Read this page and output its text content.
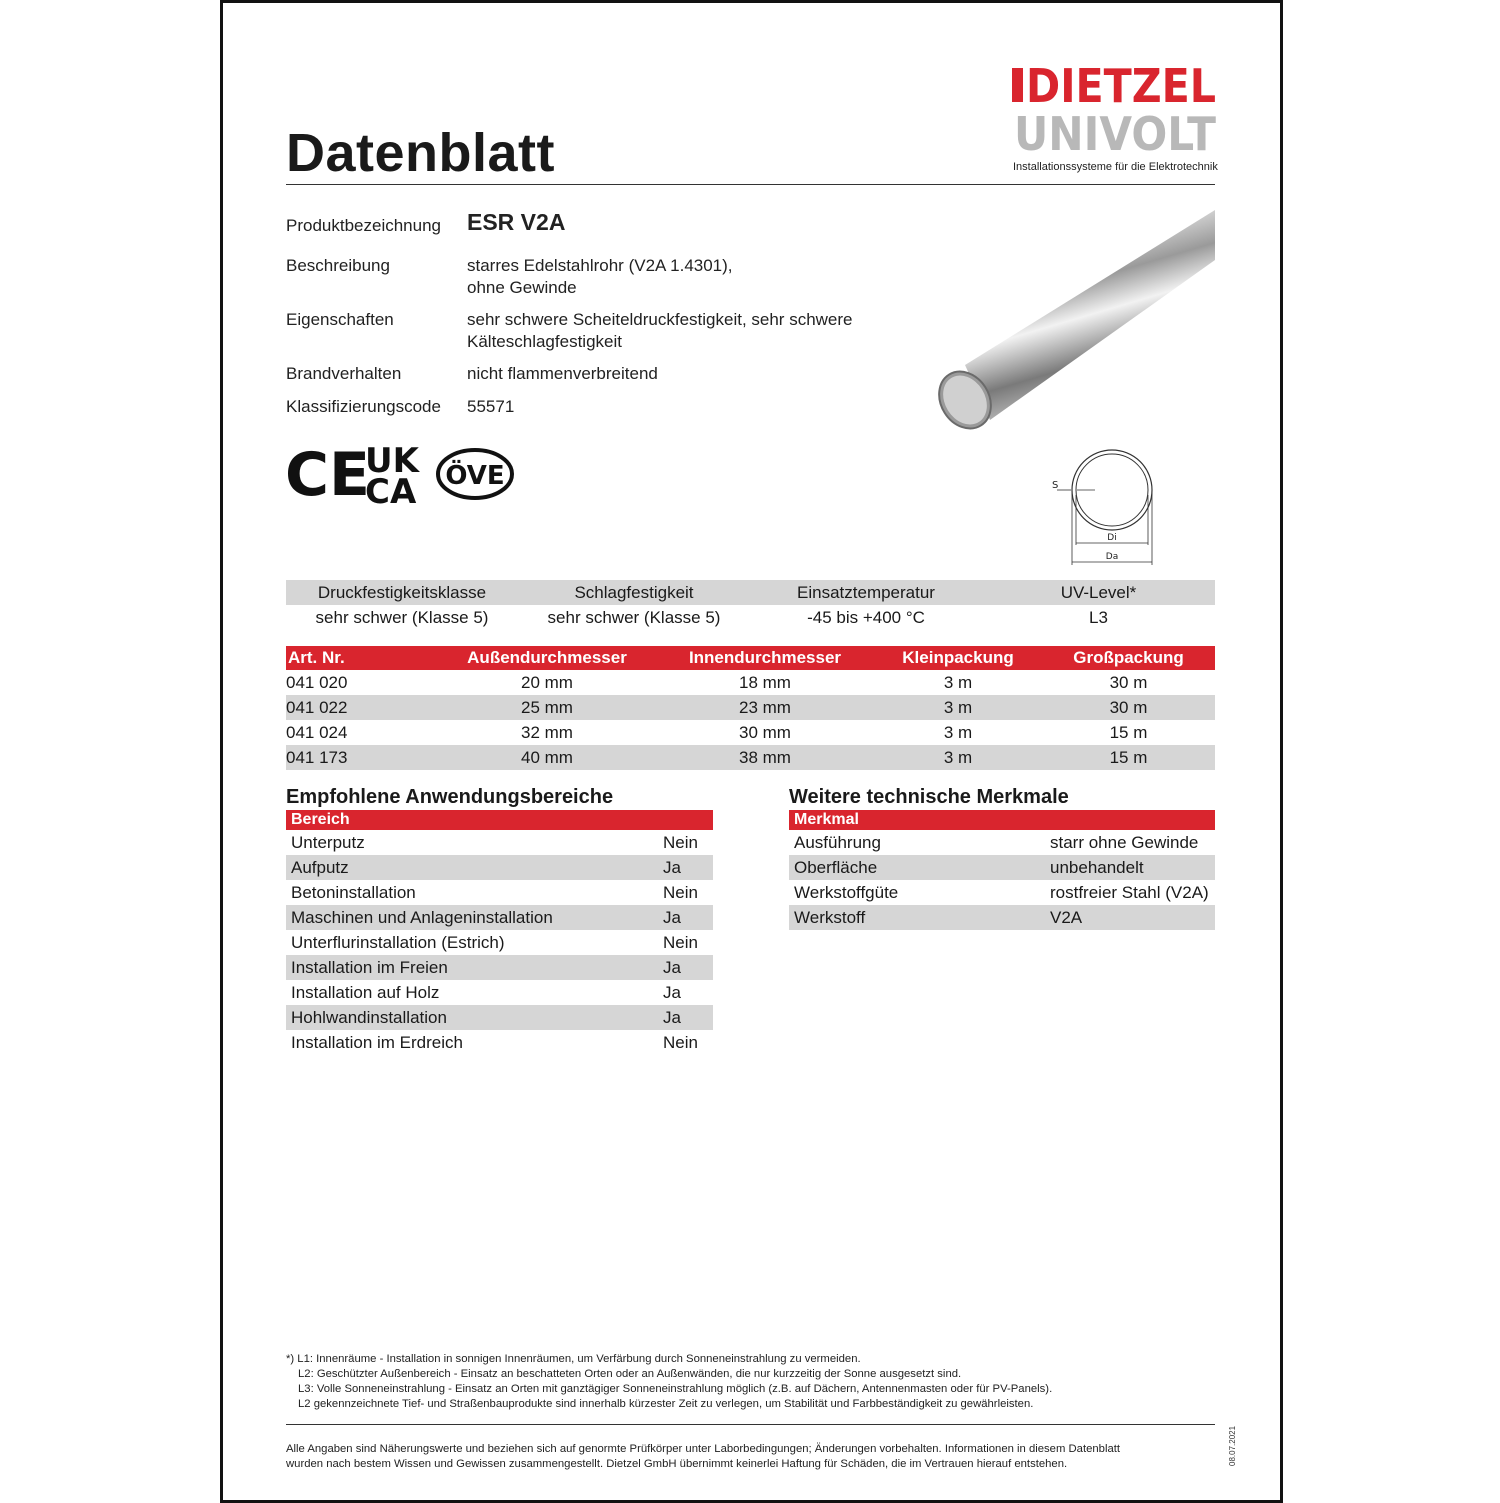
Datenblatt
DIETZEL
UNIVOLT
Installationssysteme für die Elektrotechnik
Produktbezeichnung ESR V2A
Beschreibung	starres Edelstahlrohr (V2A 1.4301),
ohne Gewinde
Eigenschaften	sehr schwere Scheiteldruckfestigkeit, sehr schwere
Kälteschlagfestigkeit
Brandverhalten	nicht flammenverbreitend
Klassifizierungscode 55571
CE
UK
CA ÖVE	S
Di
Da
Druckfestigkeitsklasse	Schlagfestigkeit	Einsatztemperatur	UV-Level*
sehr schwer (Klasse 5)	sehr schwer (Klasse 5)	-45 bis +400 °C	L3
Art. Nr.	Außendurchmesser	Innendurchmesser	Kleinpackung	Großpackung
041 020	20 mm	18 mm	3 m	30 m
041 022	25 mm	23 mm	3 m	30 m
041 024	32 mm	30 mm	3 m	15 m
041 173	40 mm	38 mm	3 m	15 m
Empfohlene Anwendungsbereiche
Bereich	
Unterputz	Nein
Aufputz	Ja
Betoninstallation	Nein
Maschinen und Anlageninstallation	Ja
Unterflurinstallation (Estrich)	Nein
Installation im Freien	Ja
Installation auf Holz	Ja
Hohlwandinstallation	Ja
Installation im Erdreich	Nein
Weitere technische Merkmale
Merkmal	
Ausführung	starr ohne Gewinde
Oberfläche	unbehandelt
Werkstoffgüte	rostfreier Stahl (V2A)
Werkstoff	V2A
*) L1: Innenräume - Installation in sonnigen Innenräumen, um Verfärbung durch Sonneneinstrahlung zu vermeiden.
L2: Geschützter Außenbereich - Einsatz an beschatteten Orten oder an Außenwänden, die nur kurzzeitig der Sonne ausgesetzt sind.
L3: Volle Sonneneinstrahlung - Einsatz an Orten mit ganztägiger Sonneneinstrahlung möglich (z.B. auf Dächern, Antennenmasten oder für PV-Panels).
L2 gekennzeichnete Tief- und Straßenbauprodukte sind innerhalb kürzester Zeit zu verlegen, um Stabilität und Farbbeständigkeit zu gewährleisten.
Alle Angaben sind Näherungswerte und beziehen sich auf genormte Prüfkörper unter Laborbedingungen; Änderungen vorbehalten. Informationen in diesem Datenblatt
wurden nach bestem Wissen und Gewissen zusammengestellt. Dietzel GmbH übernimmt keinerlei Haftung für Schäden, die im Vertrauen hierauf entstehen.	08.07.2021
